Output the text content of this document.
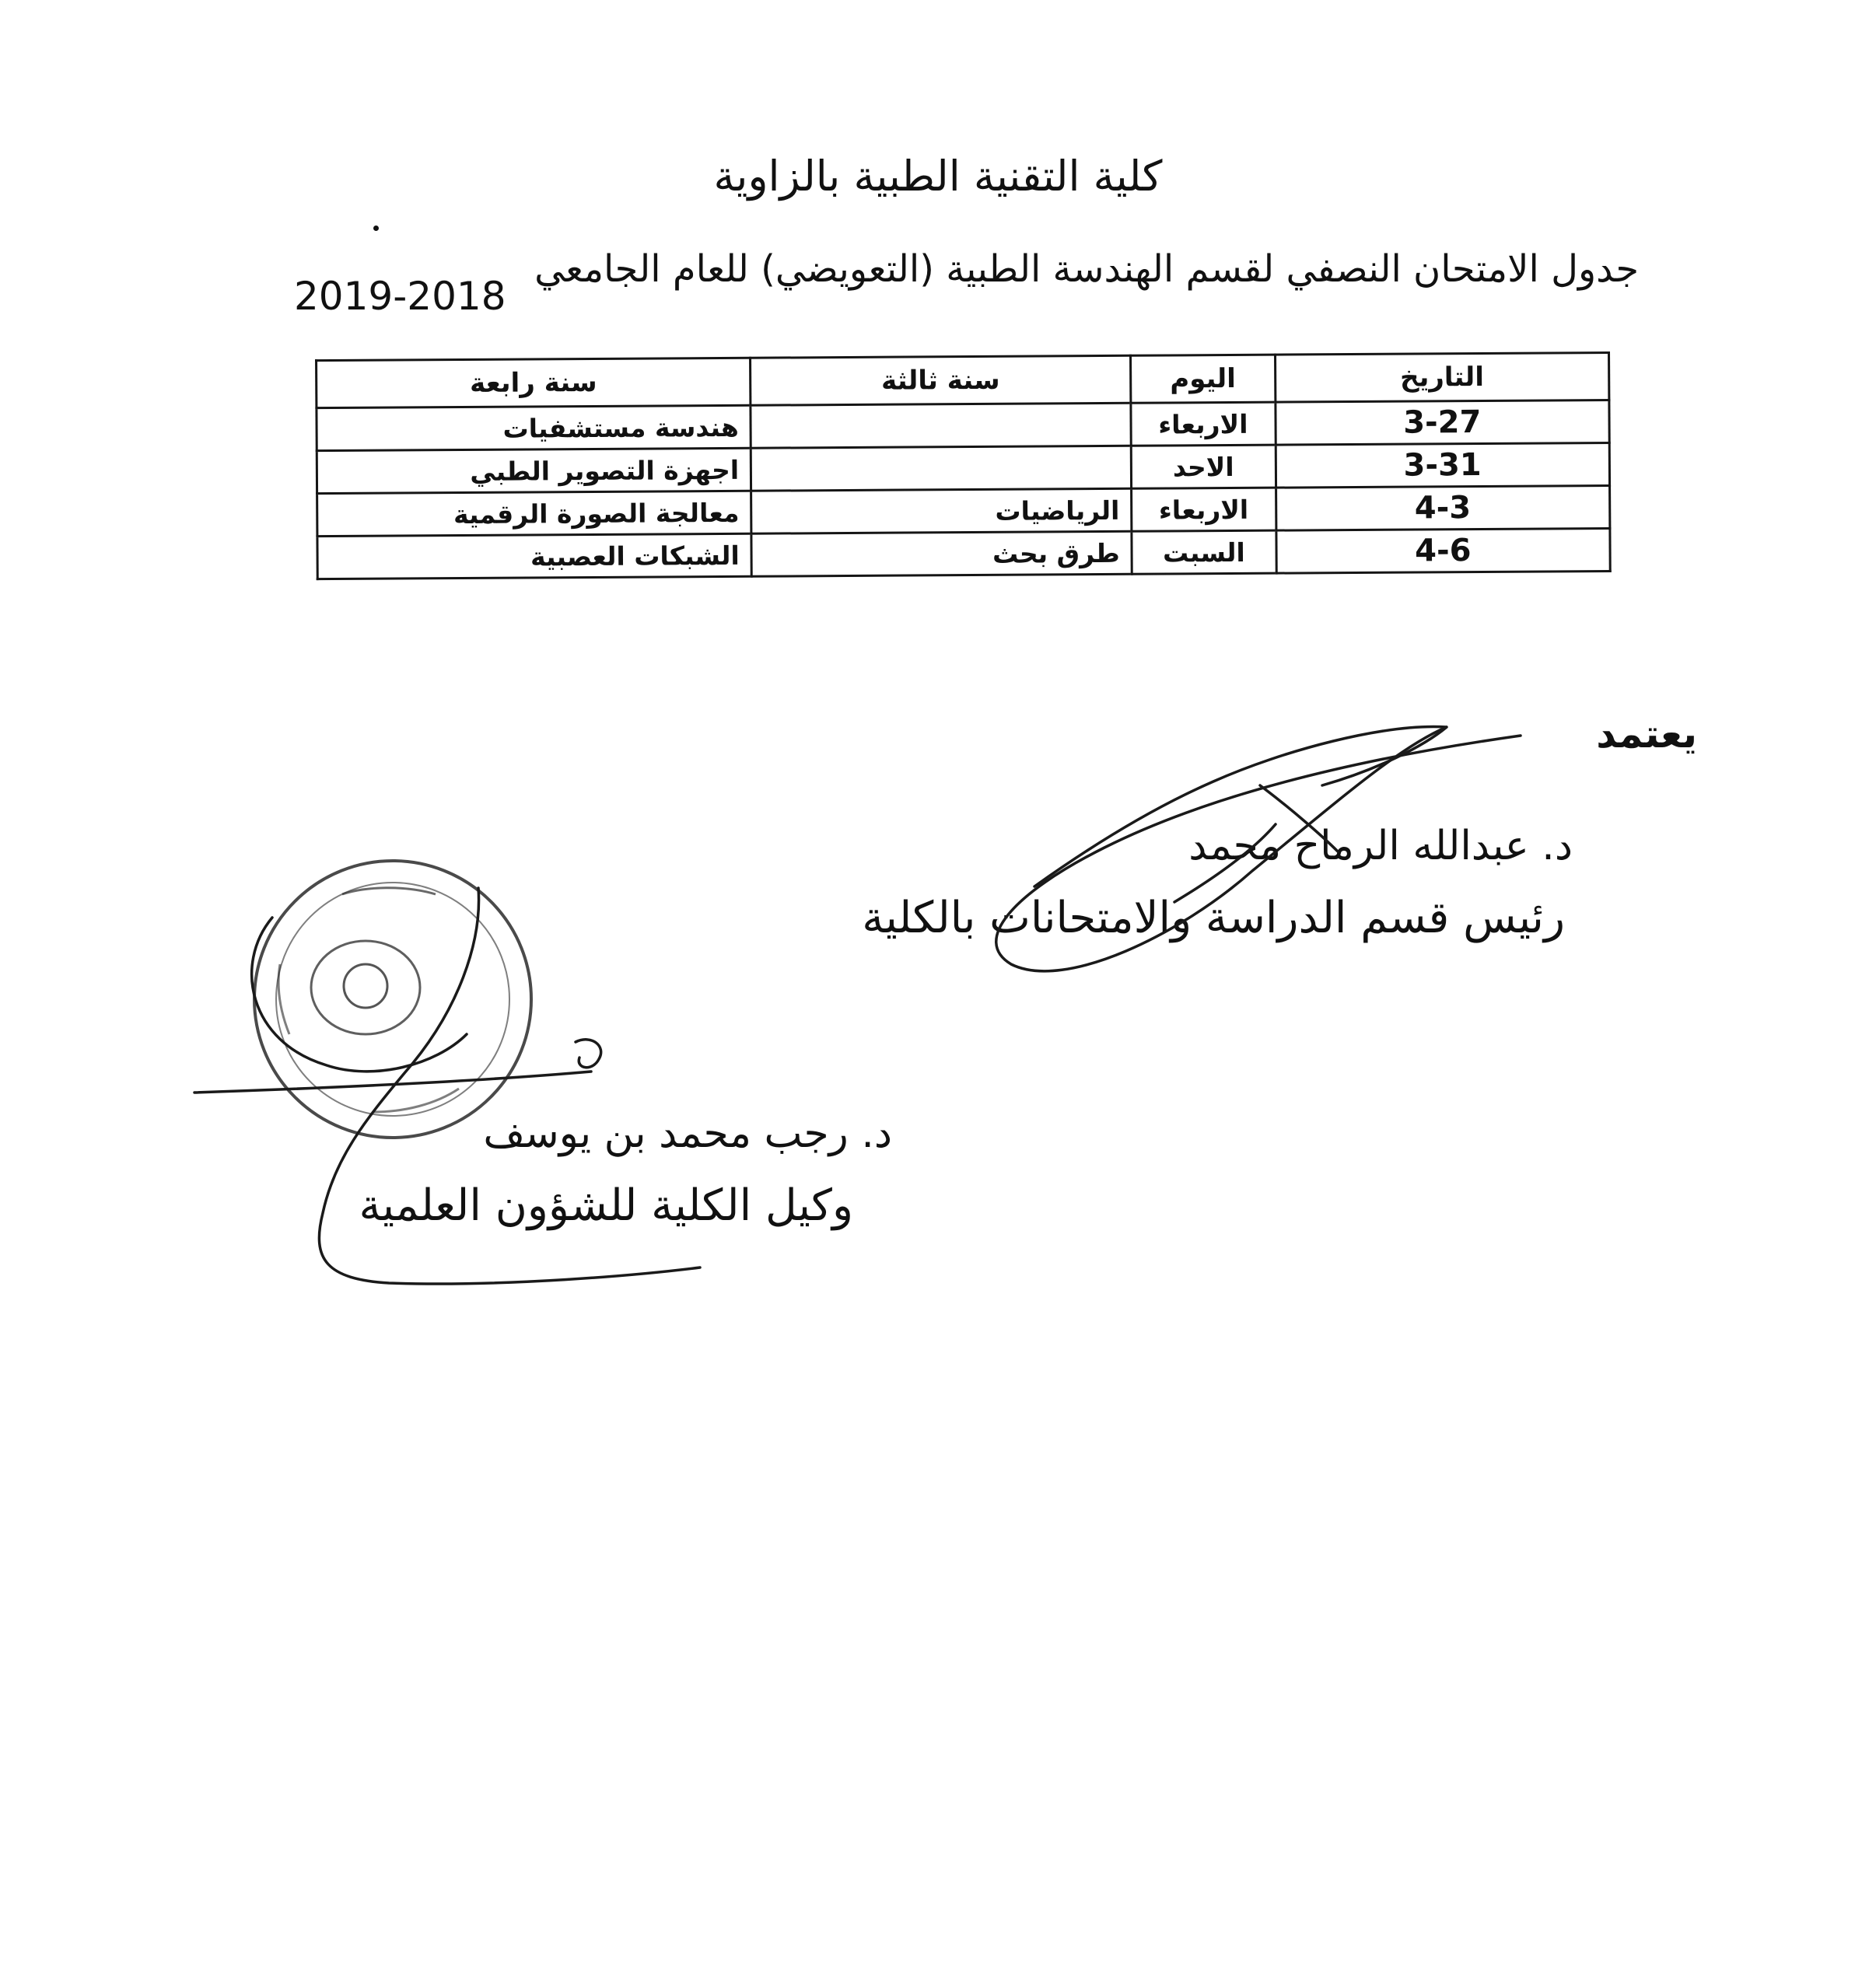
كلية التقنية الطبية بالزاوية
جدول الامتحان النصفي لقسم الهندسة الطبية (التعويضي) للعام الجامعي
2019-2018
التاريخ	اليوم	سنة ثالثة	سنة رابعة
3-27	الاربعاء		هندسة مستشفيات
3-31	الاحد		اجهزة التصوير الطبي
4-3	الاربعاء	الرياضيات	معالجة الصورة الرقمية
4-6	السبت	طرق بحث	الشبكات العصبية
يعتمد
د. عبدالله الرماح محمد
رئيس قسم الدراسة والامتحانات بالكلية
د. رجب محمد بن يوسف
وكيل الكلية للشؤون العلمية
